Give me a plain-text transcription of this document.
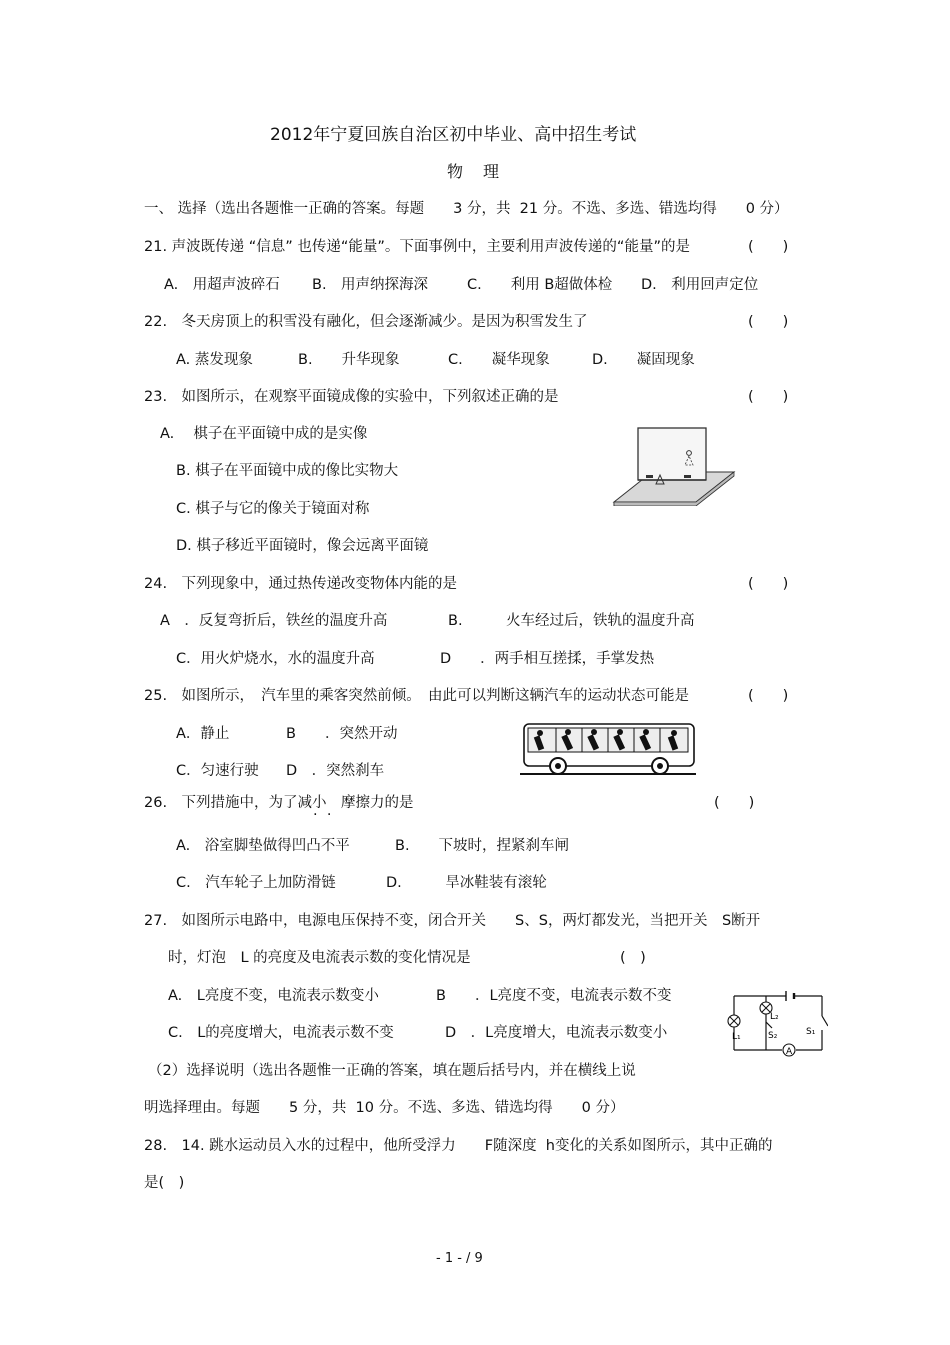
2012年宁夏回族自治区初中毕业、高中招生考试
物　理
一、 选择（选出各题惟一正确的答案。每题　　3 分，共  21 分。不选、多选、错选均得　　0 分）
21. 声波既传递 “信息” 也传递“能量”。下面事例中，主要利用声波传递的“能量”的是	(　　)
A.　用超声波碎石 B.　用声纳探海深	C.　　利用 B超做体检 D.　利用回声定位
22.　冬天房顶上的积雪没有融化，但会逐渐减少。是因为积雪发生了	(　　)
A. 蒸发现象	B.　　升华现象	C.　　凝华现象	D.　　凝固现象
23.　如图所示，在观察平面镜成像的实验中，下列叙述正确的是	(　　)
A.　 棋子在平面镜中成的是实像
B. 棋子在平面镜中成的像比实物大
C. 棋子与它的像关于镜面对称
D. 棋子移近平面镜时，像会远离平面镜
24.　下列现象中，通过热传递改变物体内能的是	(　　)
A　．反复弯折后，铁丝的温度升高	B.　　　火车经过后，铁轨的温度升高
C．用火炉烧水，水的温度升高	D　　．两手相互搓揉，手掌发热
25.　如图所示，　汽车里的乘客突然前倾。　由此可以判断这辆汽车的运动状态可能是	(　　)
A．静止	B　　．突然开动
C．匀速行驶 D　．突然刹车
26.　下列措施中，为了减小　摩擦力的是
·  ·
(　　)
A.　浴室脚垫做得凹凸不平	B.　　下坡时，捏紧刹车闸
C.　汽车轮子上加防滑链	D.　　　旱冰鞋装有滚轮
27.　如图所示电路中，电源电压保持不变，闭合开关　　S、S，两灯都发光，当把开关　S断开
时，灯泡　L 的亮度及电流表示数的变化情况是	(　)
A.　L亮度不变，电流表示数变小	B　　．L亮度不变，电流表示数不变
C.　L的亮度增大，电流表示数不变	D　．L亮度增大，电流表示数变小
A
L₁
L₂
S₂	S₁
（2）选择说明（选出各题惟一正确的答案，填在题后括号内，并在横线上说
明选择理由。每题　　5 分，共  10 分。不选、多选、错选均得　　0 分）
28.　14. 跳水运动员入水的过程中，他所受浮力　　F随深度  h变化的关系如图所示，其中正确的
是(　)
- 1 - / 9
